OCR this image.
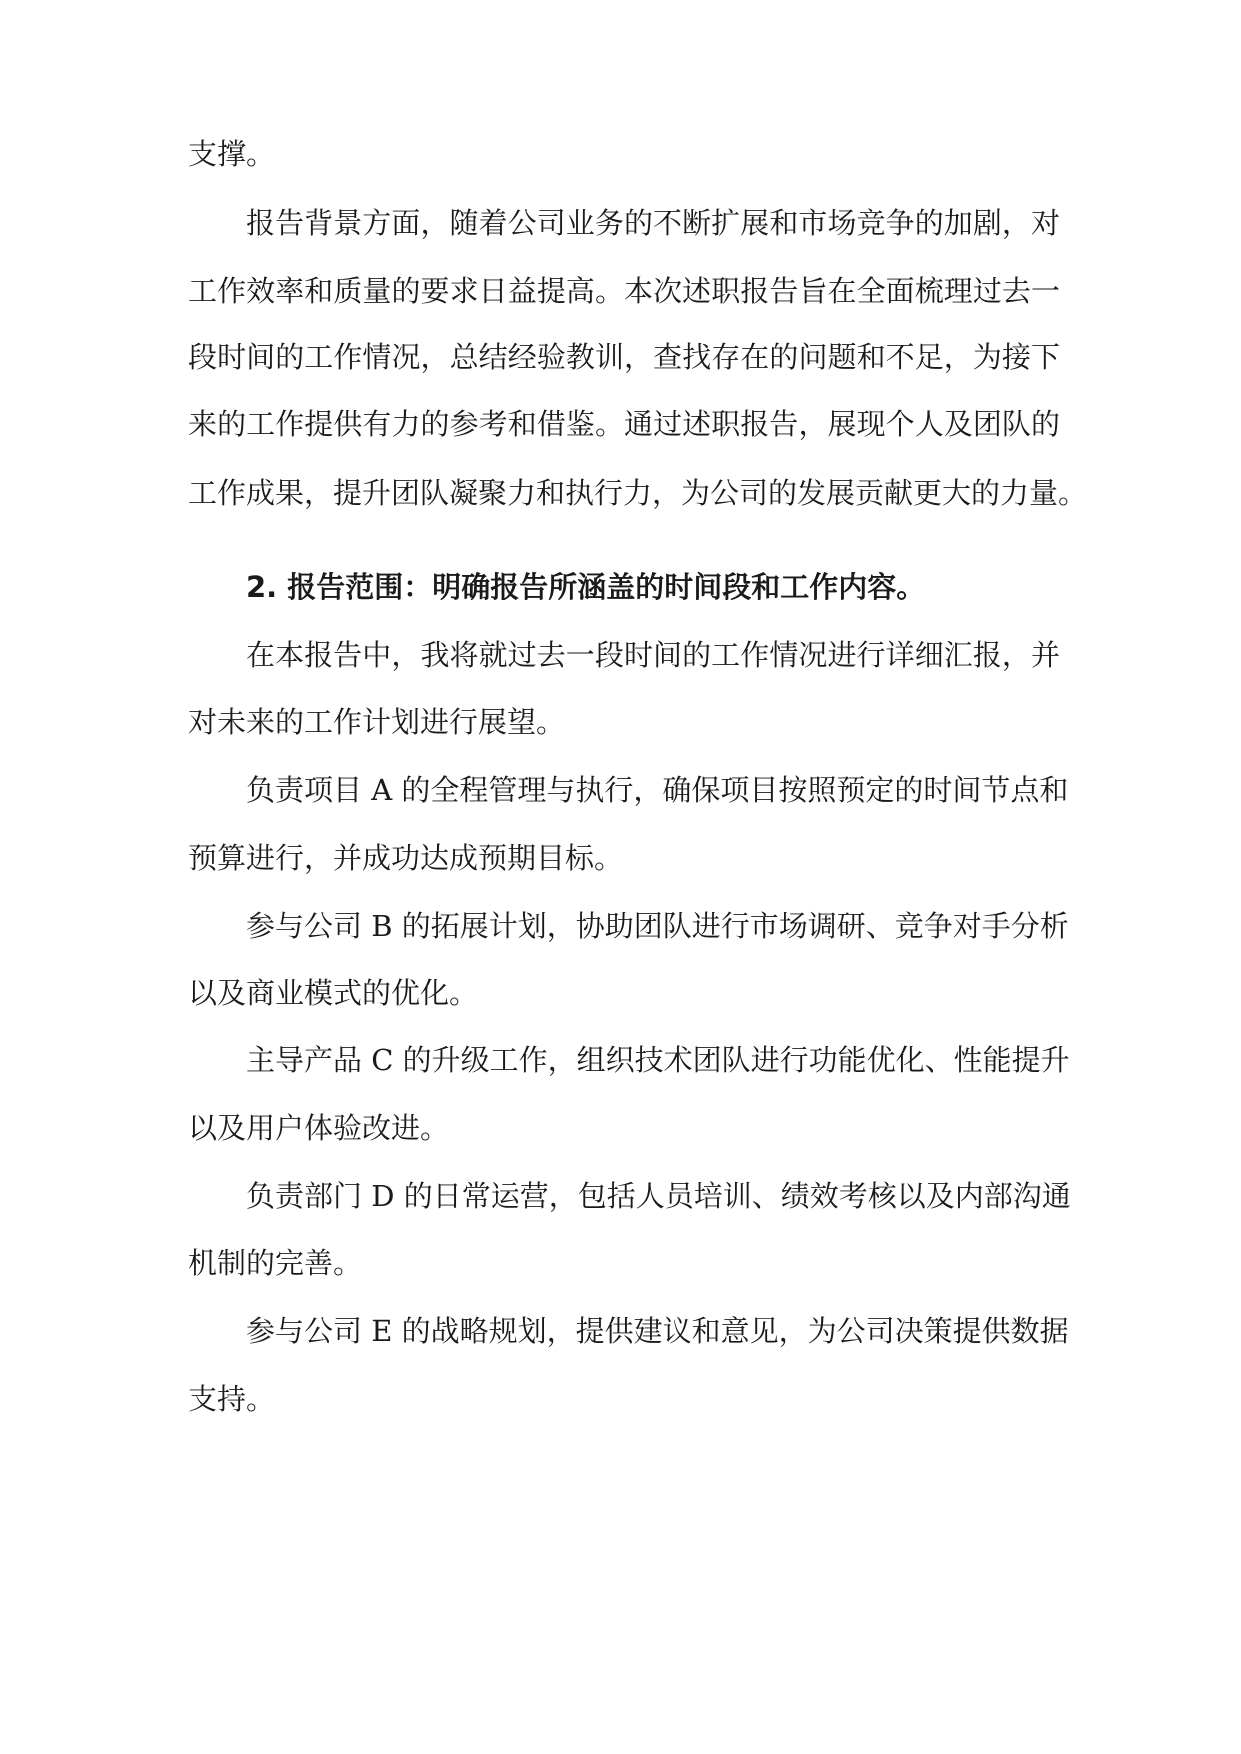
支撑。
报告背景方面，随着公司业务的不断扩展和市场竞争的加剧，对
工作效率和质量的要求日益提高。本次述职报告旨在全面梳理过去一
段时间的工作情况，总结经验教训，查找存在的问题和不足，为接下
来的工作提供有力的参考和借鉴。通过述职报告，展现个人及团队的
工作成果，提升团队凝聚力和执行力，为公司的发展贡献更大的力量。
2. 报告范围：明确报告所涵盖的时间段和工作内容。
在本报告中，我将就过去一段时间的工作情况进行详细汇报，并
对未来的工作计划进行展望。
负责项目 A 的全程管理与执行，确保项目按照预定的时间节点和
预算进行，并成功达成预期目标。
参与公司 B 的拓展计划，协助团队进行市场调研、竞争对手分析
以及商业模式的优化。
主导产品 C 的升级工作，组织技术团队进行功能优化、性能提升
以及用户体验改进。
负责部门 D 的日常运营，包括人员培训、绩效考核以及内部沟通
机制的完善。
参与公司 E 的战略规划，提供建议和意见，为公司决策提供数据
支持。
